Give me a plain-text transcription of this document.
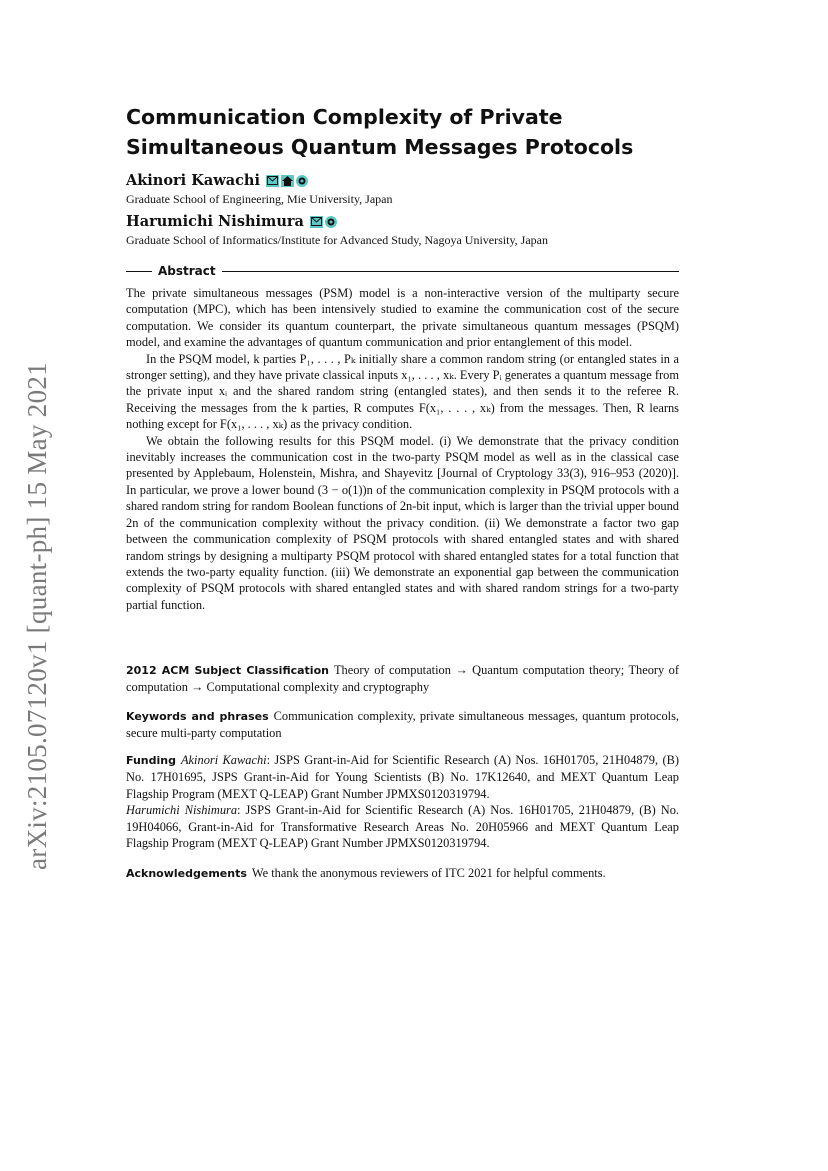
arXiv:2105.07120v1 [quant-ph] 15 May 2021
Communication Complexity of Private
Simultaneous Quantum Messages Protocols
Akinori Kawachi
Graduate School of Engineering, Mie University, Japan
Harumichi Nishimura
Graduate School of Informatics/Institute for Advanced Study, Nagoya University, Japan
Abstract

The private simultaneous messages (PSM) model is a non-interactive version of the multiparty secure computation (MPC), which has been intensively studied to examine the communication cost of the secure computation. We consider its quantum counterpart, the private simultaneous quantum messages (PSQM) model, and examine the advantages of quantum communication and prior entanglement of this model.

In the PSQM model, k parties P₁, . . . , Pₖ initially share a common random string (or entangled states in a stronger setting), and they have private classical inputs x₁, . . . , xₖ. Every Pᵢ generates a quantum message from the private input xᵢ and the shared random string (entangled states), and then sends it to the referee R. Receiving the messages from the k parties, R computes F(x₁, . . . , xₖ) from the messages. Then, R learns nothing except for F(x₁, . . . , xₖ) as the privacy condition.

We obtain the following results for this PSQM model. (i) We demonstrate that the privacy condition inevitably increases the communication cost in the two-party PSQM model as well as in the classical case presented by Applebaum, Holenstein, Mishra, and Shayevitz [Journal of Cryptology 33(3), 916–953 (2020)]. In particular, we prove a lower bound (3 − o(1))n of the communication complexity in PSQM protocols with a shared random string for random Boolean functions of 2n-bit input, which is larger than the trivial upper bound 2n of the communication complexity without the privacy condition. (ii) We demonstrate a factor two gap between the communication complexity of PSQM protocols with shared entangled states and with shared random strings by designing a multiparty PSQM protocol with shared entangled states for a total function that extends the two-party equality function. (iii) We demonstrate an exponential gap between the communication complexity of PSQM protocols with shared entangled states and with shared random strings for a two-party partial function.

2012 ACM Subject Classification Theory of computation → Quantum computation theory; Theory of computation → Computational complexity and cryptography

Keywords and phrases Communication complexity, private simultaneous messages, quantum protocols, secure multi-party computation

Funding Akinori Kawachi: JSPS Grant-in-Aid for Scientific Research (A) Nos. 16H01705, 21H04879, (B) No. 17H01695, JSPS Grant-in-Aid for Young Scientists (B) No. 17K12640, and MEXT Quantum Leap Flagship Program (MEXT Q-LEAP) Grant Number JPMXS0120319794.

Harumichi Nishimura: JSPS Grant-in-Aid for Scientific Research (A) Nos. 16H01705, 21H04879, (B) No. 19H04066, Grant-in-Aid for Transformative Research Areas No. 20H05966 and MEXT Quantum Leap Flagship Program (MEXT Q-LEAP) Grant Number JPMXS0120319794.

Acknowledgements We thank the anonymous reviewers of ITC 2021 for helpful comments.
